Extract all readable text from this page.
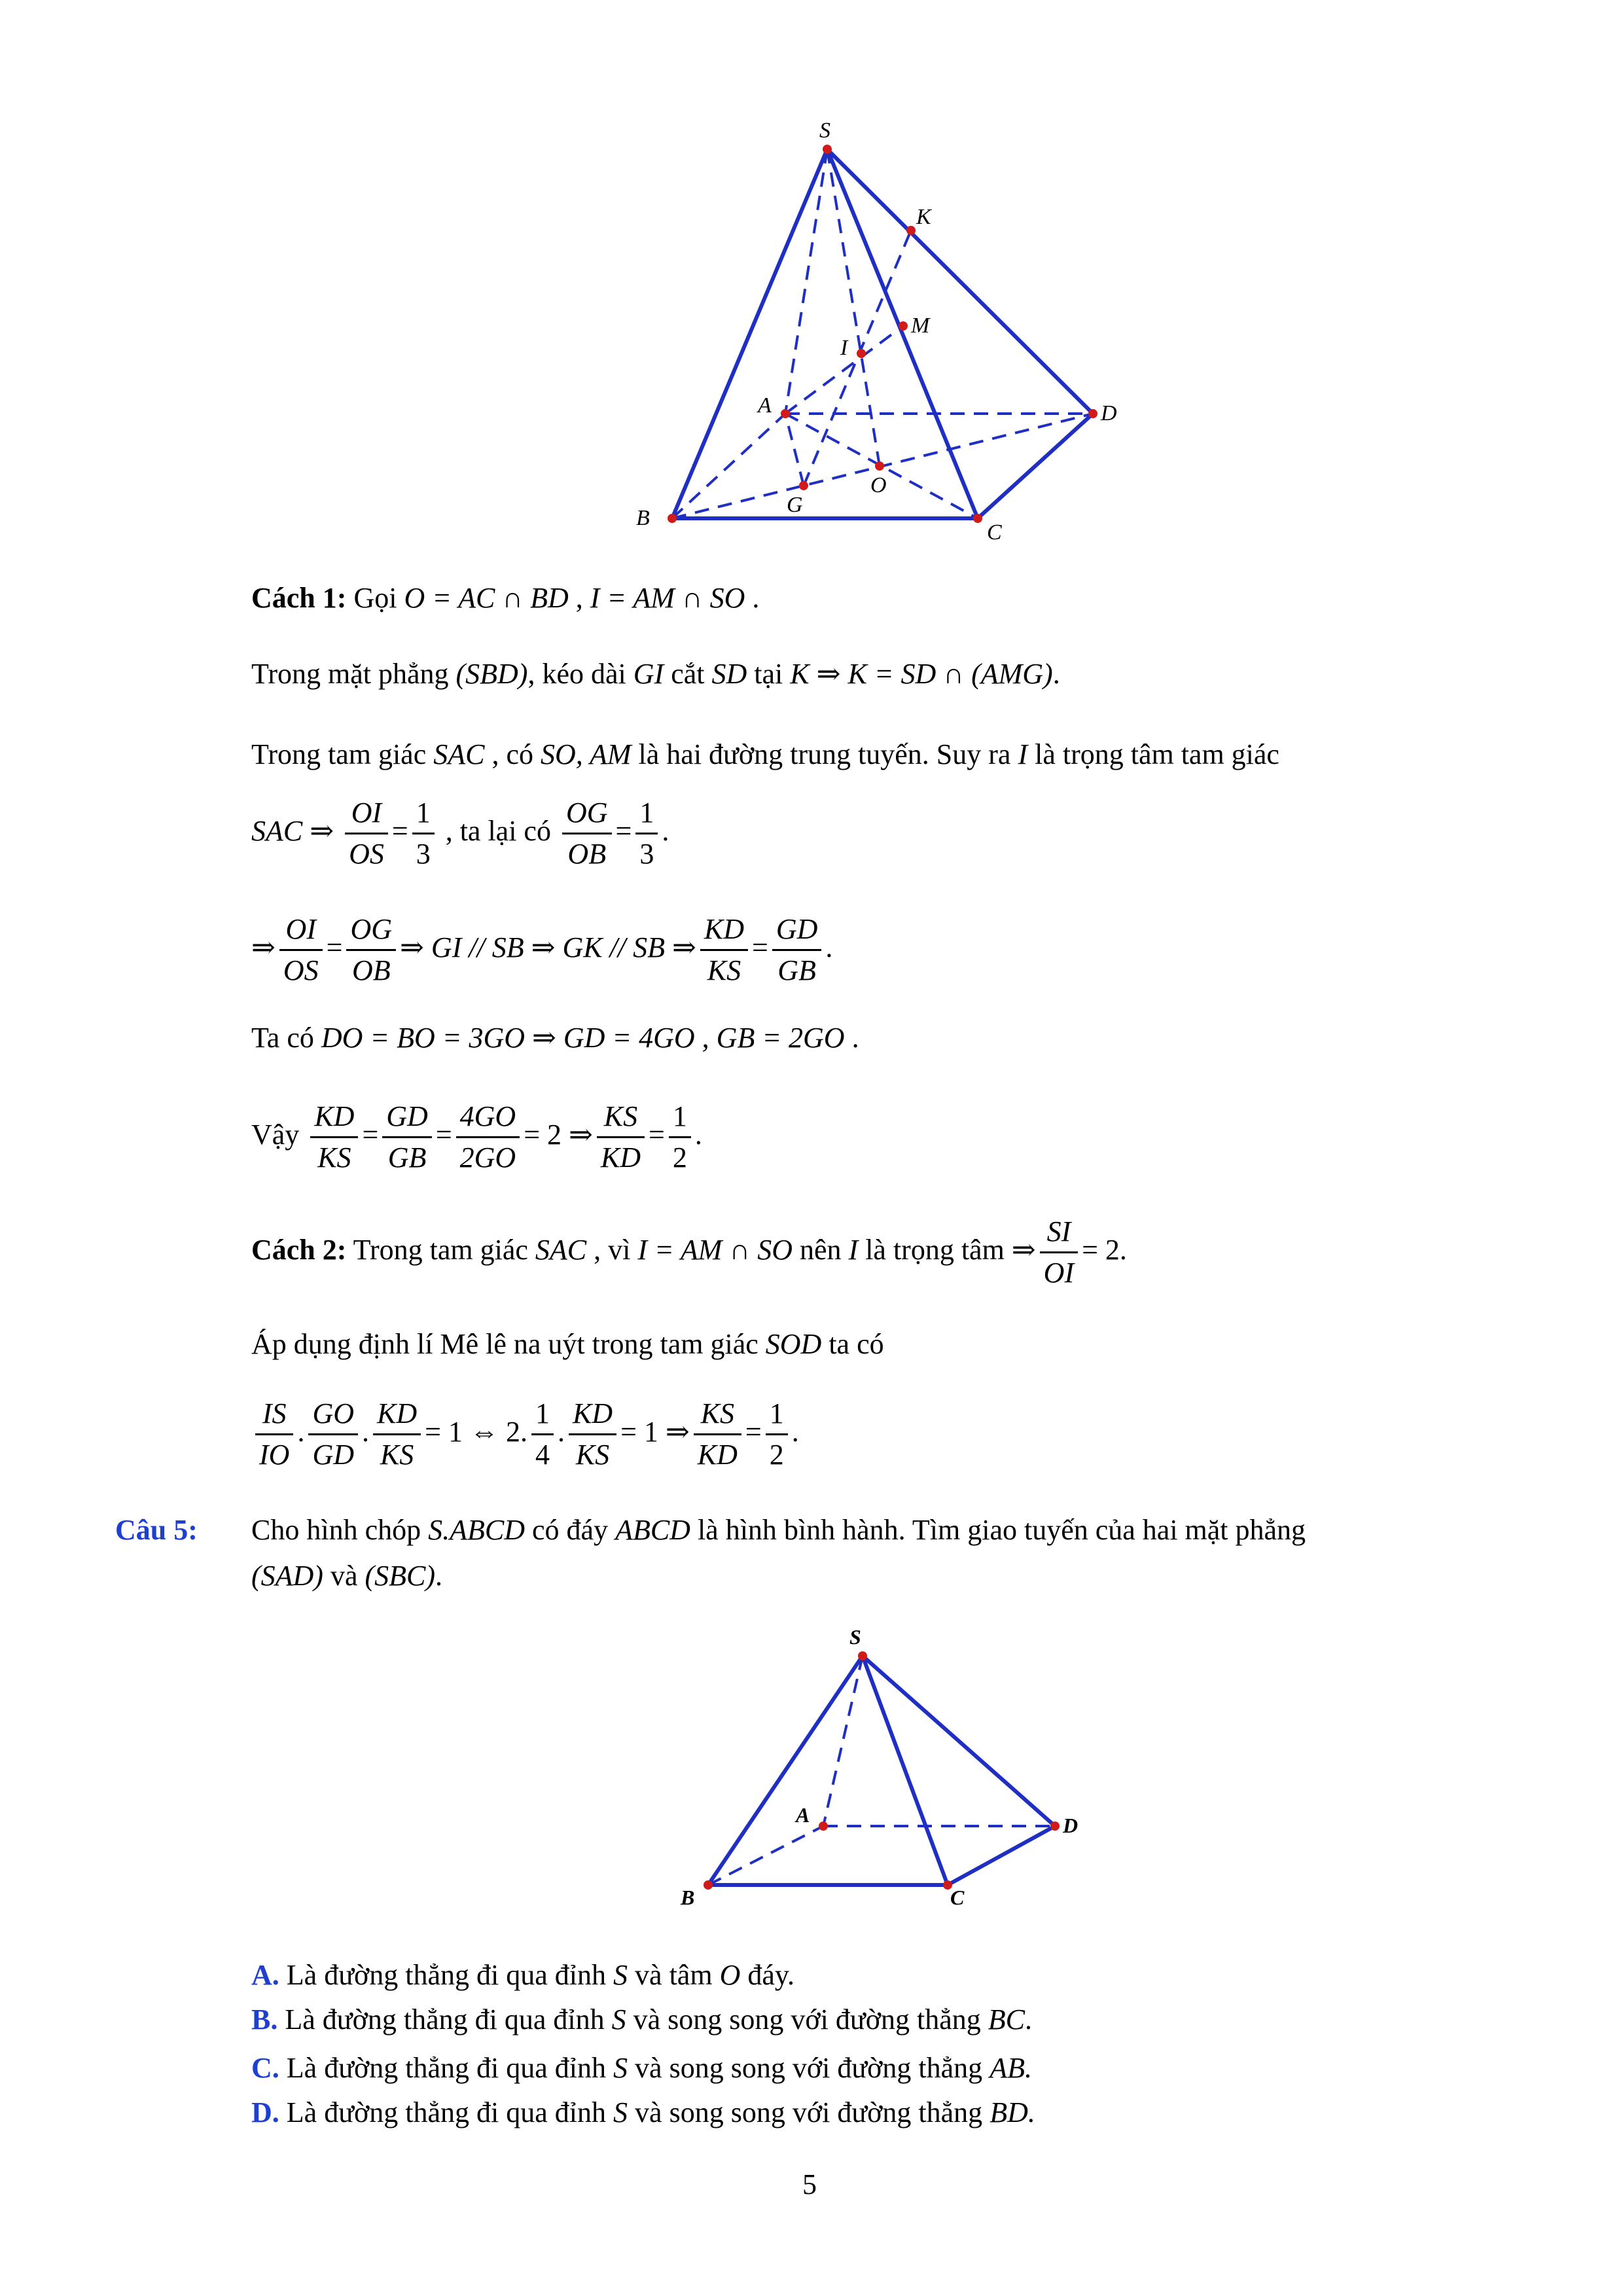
S
K
M
I
A	D
O
G
B
C
Cách 1: Gọi O = AC ∩ BD , I = AM ∩ SO .
Trong mặt phẳng (SBD), kéo dài GI cắt SD tại K ⇒ K = SD ∩ (AMG).
Trong tam giác SAC , có SO, AM là hai đường trung tuyến. Suy ra I là trọng tâm tam giác
SAC ⇒ $\frac{OI}{OS} = \frac{1}{3}$ , ta lại có $\frac{OG}{OB} = \frac{1}{3}$ .
⇒ $\frac{OI}{OS} = \frac{OG}{OB}$ ⇒ GI // SB ⇒ GK // SB ⇒ $\frac{KD}{KS} = \frac{GD}{GB}$ .
Ta có DO = BO = 3GO ⇒ GD = 4GO , GB = 2GO .
Vậy $\frac{KD}{KS} = \frac{GD}{GB} = \frac{4GO}{2GO} = 2$ ⇒ $\frac{KS}{KD} = \frac{1}{2}$ .
Cách 2: Trong tam giác SAC , vì I = AM ∩ SO nên I là trọng tâm ⇒ $\frac{SI}{OI} = 2$.
Áp dụng định lí Mê lê na uýt trong tam giác SOD ta có
$\frac{IS}{IO}$ . $\frac{GO}{GD}$ . $\frac{KD}{KS} = 1$ ⇔ 2. $\frac{1}{4}$ . $\frac{KD}{KS} = 1$ ⇒ $\frac{KS}{KD} = \frac{1}{2}$ .
Câu 5: Cho hình chóp S.ABCD có đáy ABCD là hình bình hành. Tìm giao tuyến của hai mặt phẳng
(SAD) và (SBC).
S
A	D
B	C
A. Là đường thẳng đi qua đỉnh S và tâm O đáy.
B. Là đường thẳng đi qua đỉnh S và song song với đường thẳng BC.
C. Là đường thẳng đi qua đỉnh S và song song với đường thẳng AB.
D. Là đường thẳng đi qua đỉnh S và song song với đường thẳng BD.
5
